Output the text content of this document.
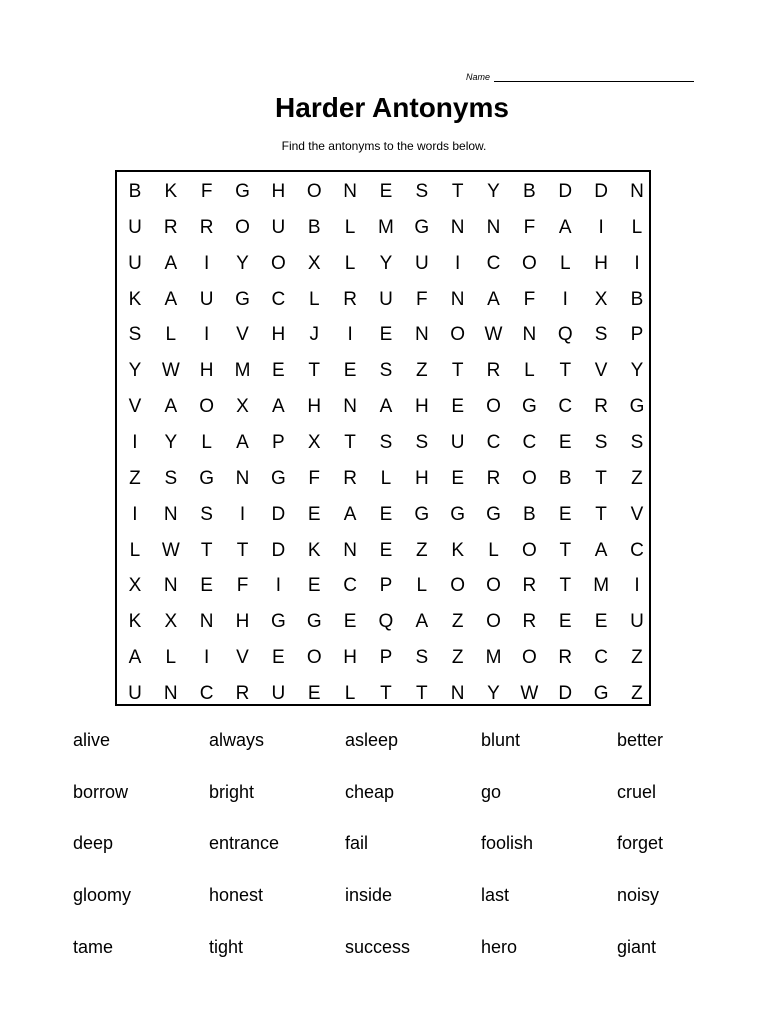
Name
Harder Antonyms
Find the antonyms to the words below.
B	K	F	G	H	O	N	E	S	T	Y	B	D	D	N
U	R	R	O	U	B	L	M	G	N	N	F	A	I	L
U	A	I	Y	O	X	L	Y	U	I	C	O	L	H	I
K	A	U	G	C	L	R	U	F	N	A	F	I	X	B
S	L	I	V	H	J	I	E	N	O	W	N	Q	S	P
Y	W	H	M	E	T	E	S	Z	T	R	L	T	V	Y
V	A	O	X	A	H	N	A	H	E	O	G	C	R	G
I	Y	L	A	P	X	T	S	S	U	C	C	E	S	S
Z	S	G	N	G	F	R	L	H	E	R	O	B	T	Z
I	N	S	I	D	E	A	E	G	G	G	B	E	T	V
L	W	T	T	D	K	N	E	Z	K	L	O	T	A	C
X	N	E	F	I	E	C	P	L	O	O	R	T	M	I
K	X	N	H	G	G	E	Q	A	Z	O	R	E	E	U
A	L	I	V	E	O	H	P	S	Z	M	O	R	C	Z
U	N	C	R	U	E	L	T	T	N	Y	W	D	G	Z
alive	always	asleep	blunt	better
borrow	bright	cheap	go	cruel
deep	entrance	fail	foolish	forget
gloomy	honest	inside	last	noisy
tame	tight	success	hero	giant
